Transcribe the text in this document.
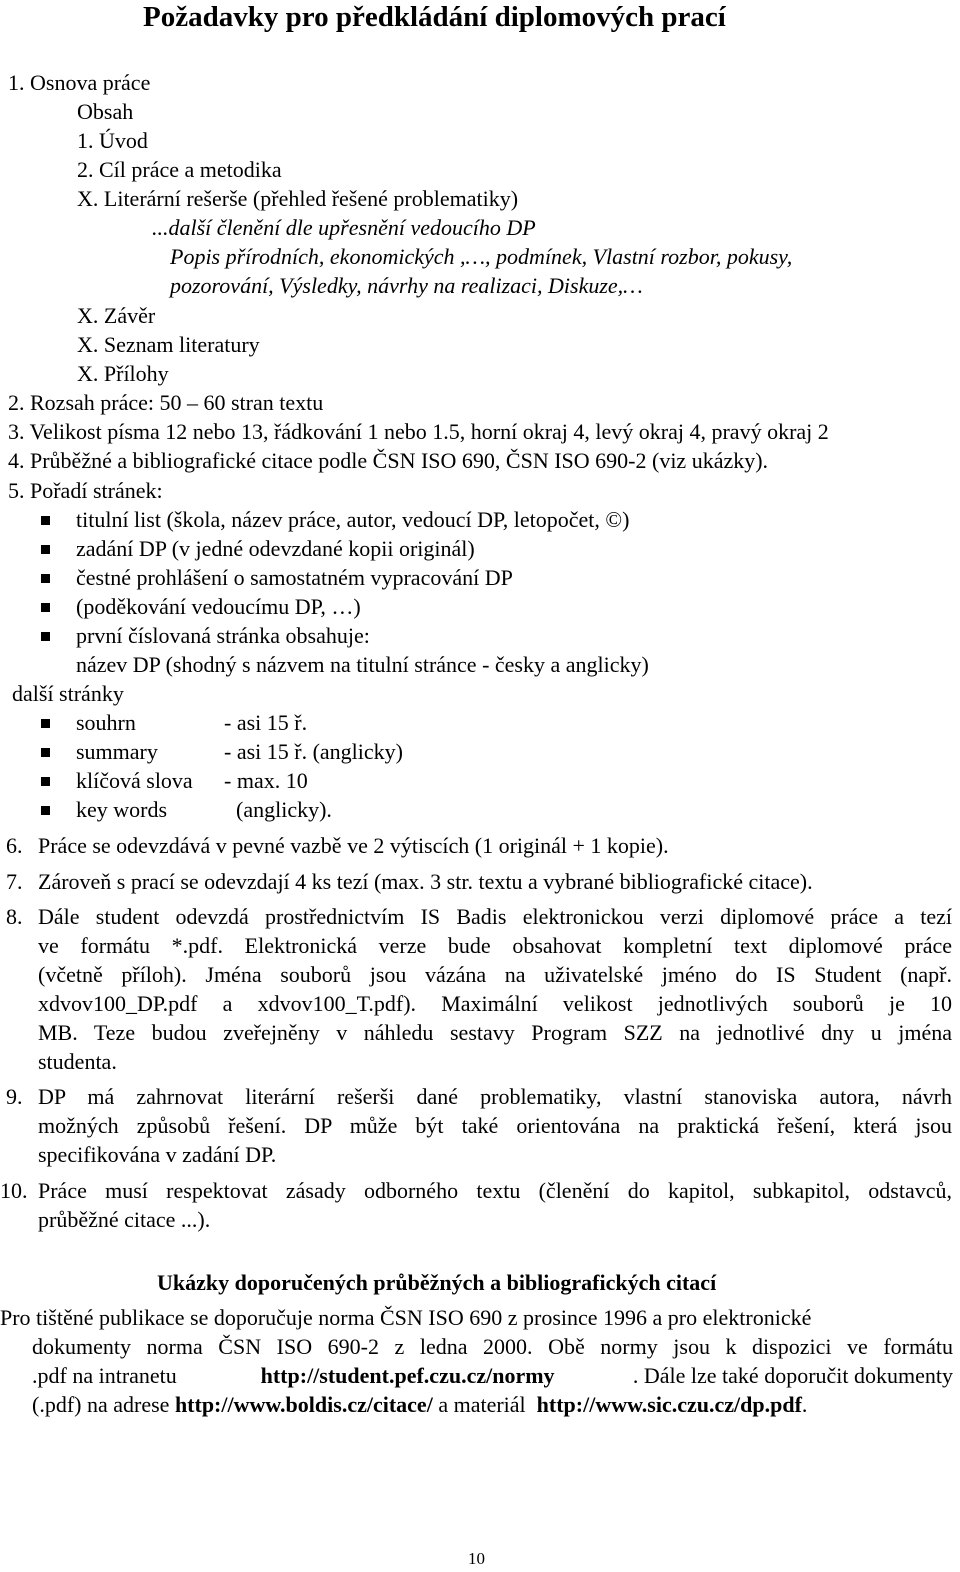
Požadavky pro předkládání diplomových prací
1. Osnova práce
Obsah
1. Úvod
2. Cíl práce a metodika
X. Literární rešerše (přehled řešené problematiky)
...další členění dle upřesnění vedoucího DP
Popis přírodních, ekonomických ,…, podmínek, Vlastní rozbor, pokusy,
pozorování, Výsledky, návrhy na realizaci, Diskuze,…
X. Závěr
X. Seznam literatury
X. Přílohy
2. Rozsah práce: 50 – 60 stran textu
3. Velikost písma 12 nebo 13, řádkování 1 nebo 1.5, horní okraj 4, levý okraj 4, pravý okraj 2
4. Průběžné a bibliografické citace podle ČSN ISO 690, ČSN ISO 690-2 (viz ukázky).
5. Pořadí stránek:
titulní list (škola, název práce, autor, vedoucí DP, letopočet, ©)
zadání DP (v jedné odevzdané kopii originál)
čestné prohlášení o samostatném vypracování DP
(poděkování vedoucímu DP, …)
první číslovaná stránka obsahuje:
název DP (shodný s názvem na titulní stránce - česky a anglicky)
další stránky
souhrn	- asi 15 ř.
summary	- asi 15 ř. (anglicky)
klíčová slova - max. 10
key words	(anglicky).
6. Práce se odevzdává v pevné vazbě ve 2 výtiscích (1 originál + 1 kopie).
7. Zároveň s prací se odevzdají 4 ks tezí (max. 3 str. textu a vybrané bibliografické citace).
8. Dále student odevzdá prostřednictvím IS Badis elektronickou verzi diplomové práce a tezí
ve formátu *.pdf. Elektronická verze bude obsahovat kompletní text diplomové práce
(včetně příloh). Jména souborů jsou vázána na uživatelské jméno do IS Student (např.
xdvov100_DP.pdf a xdvov100_T.pdf). Maximální velikost jednotlivých souborů je 10
MB. Teze budou zveřejněny v náhledu sestavy Program SZZ na jednotlivé dny u jména
studenta.
9. DP má zahrnovat literární rešerši dané problematiky, vlastní stanoviska autora, návrh
možných způsobů řešení. DP může být také orientována na praktická řešení, která jsou
specifikována v zadání DP.
10. Práce musí respektovat zásady odborného textu (členění do kapitol, subkapitol, odstavců,
průběžné citace ...).
Ukázky doporučených průběžných a bibliografických citací
Pro tištěné publikace se doporučuje norma ČSN ISO 690 z prosince 1996 a pro elektronické
dokumenty norma ČSN ISO 690-2 z ledna 2000. Obě normy jsou k dispozici ve formátu
.pdf na intranetu	http://student.pef.czu.cz/normy	. Dále lze také doporučit dokumenty
(.pdf) na adrese http://www.boldis.cz/citace/ a materiál  http://www.sic.czu.cz/dp.pdf.
10
